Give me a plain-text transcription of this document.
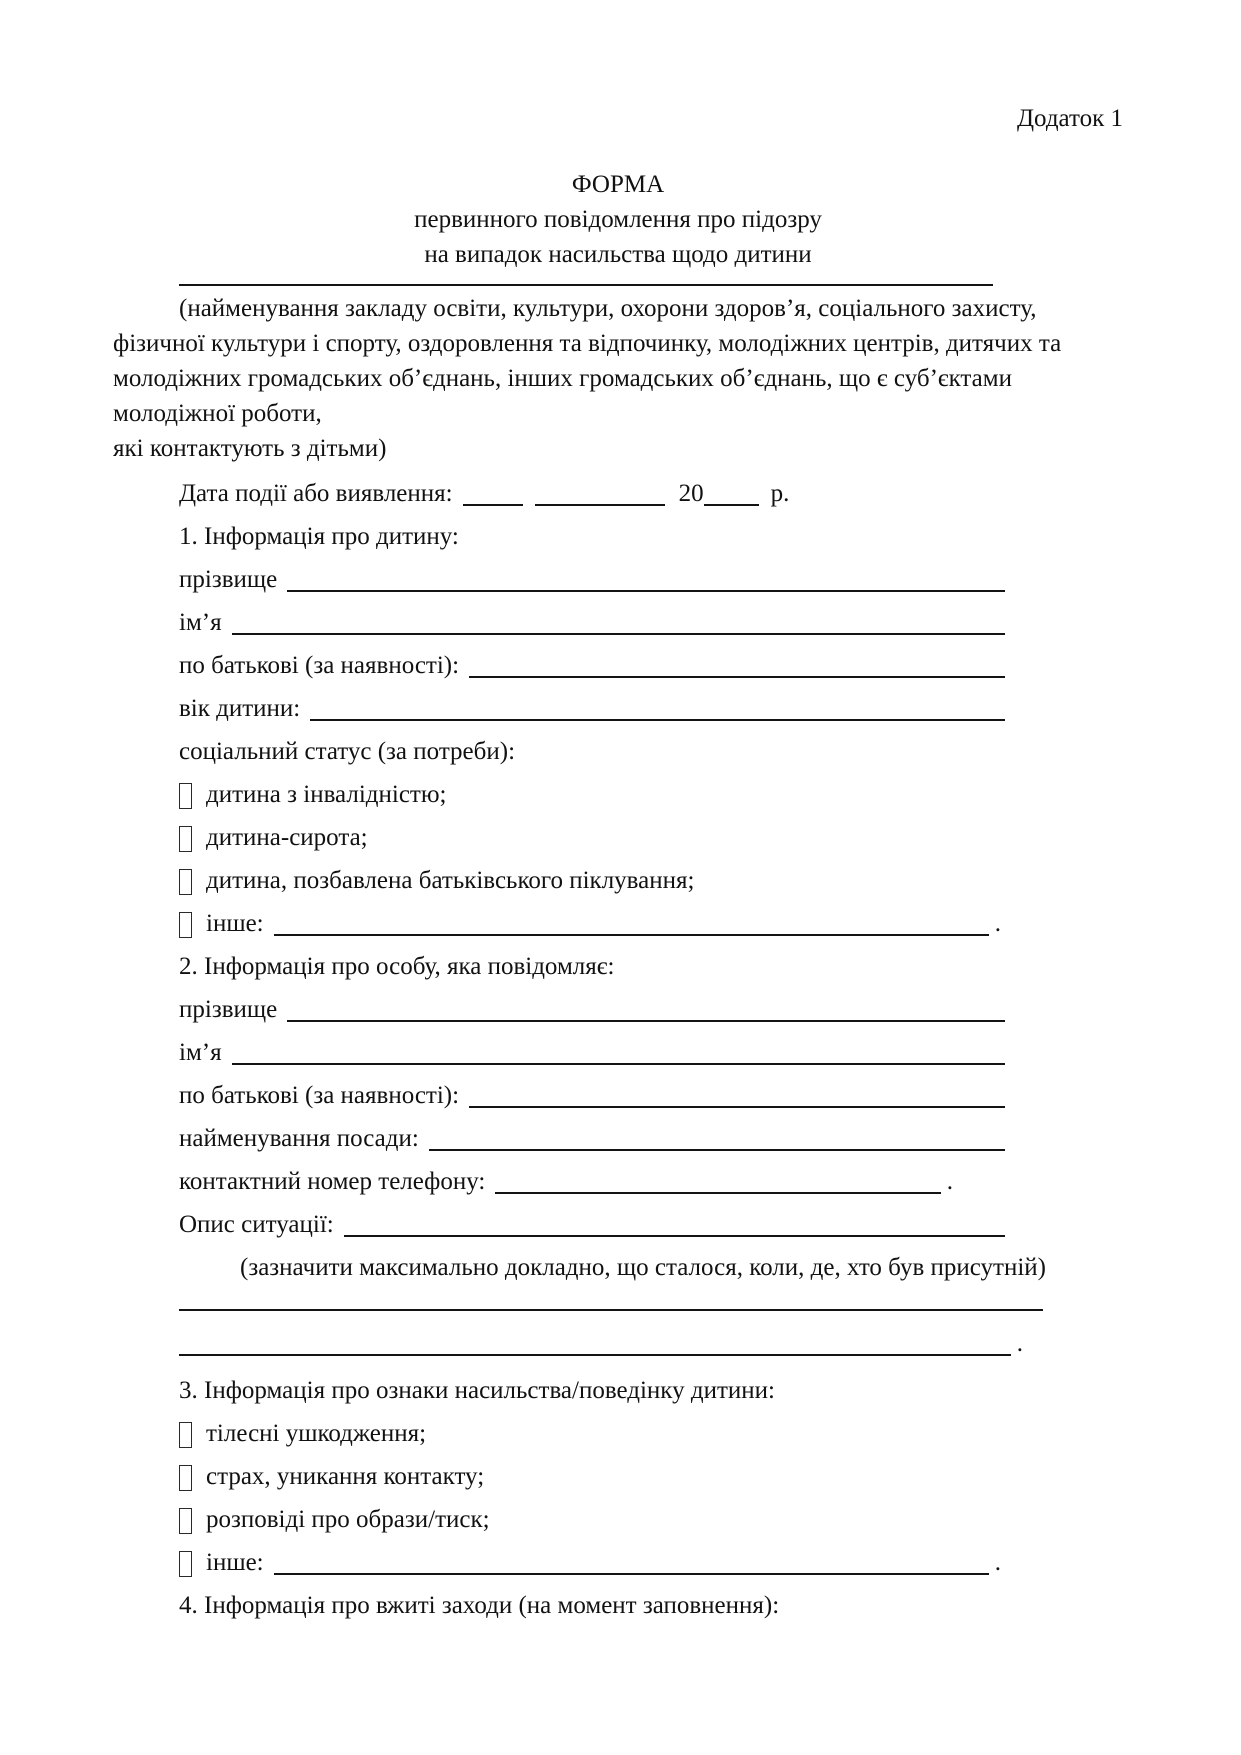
Додаток 1
ФОРМА
первинного повідомлення про підозру
на випадок насильства щодо дитини

(найменування закладу освіти, культури, охорони здоров’я, соціального захисту, фізичної культури і спорту, оздоровлення та відпочинку, молодіжних центрів, дитячих та молодіжних громадських об’єднань, інших громадських об’єднань, що є суб’єктами молодіжної роботи,
які контактують з дітьми)

Дата події або виявлення:	20	р.
1. Інформація про дитину:
прізвище
ім’я
по батькові (за наявності):
вік дитини:
соціальний статус (за потреби):
дитина з інвалідністю;
дитина-сирота;
дитина, позбавлена батьківського піклування;
інше:	.
2. Інформація про особу, яка повідомляє:
прізвище
ім’я
по батькові (за наявності):
найменування посади:
контактний номер телефону:	.
Опис ситуації:
(зазначити максимально докладно, що сталося, коли, де, хто був присутній)
.
3. Інформація про ознаки насильства/поведінку дитини:
тілесні ушкодження;
страх, уникання контакту;
розповіді про образи/тиск;
інше:	.
4. Інформація про вжиті заходи (на момент заповнення):
